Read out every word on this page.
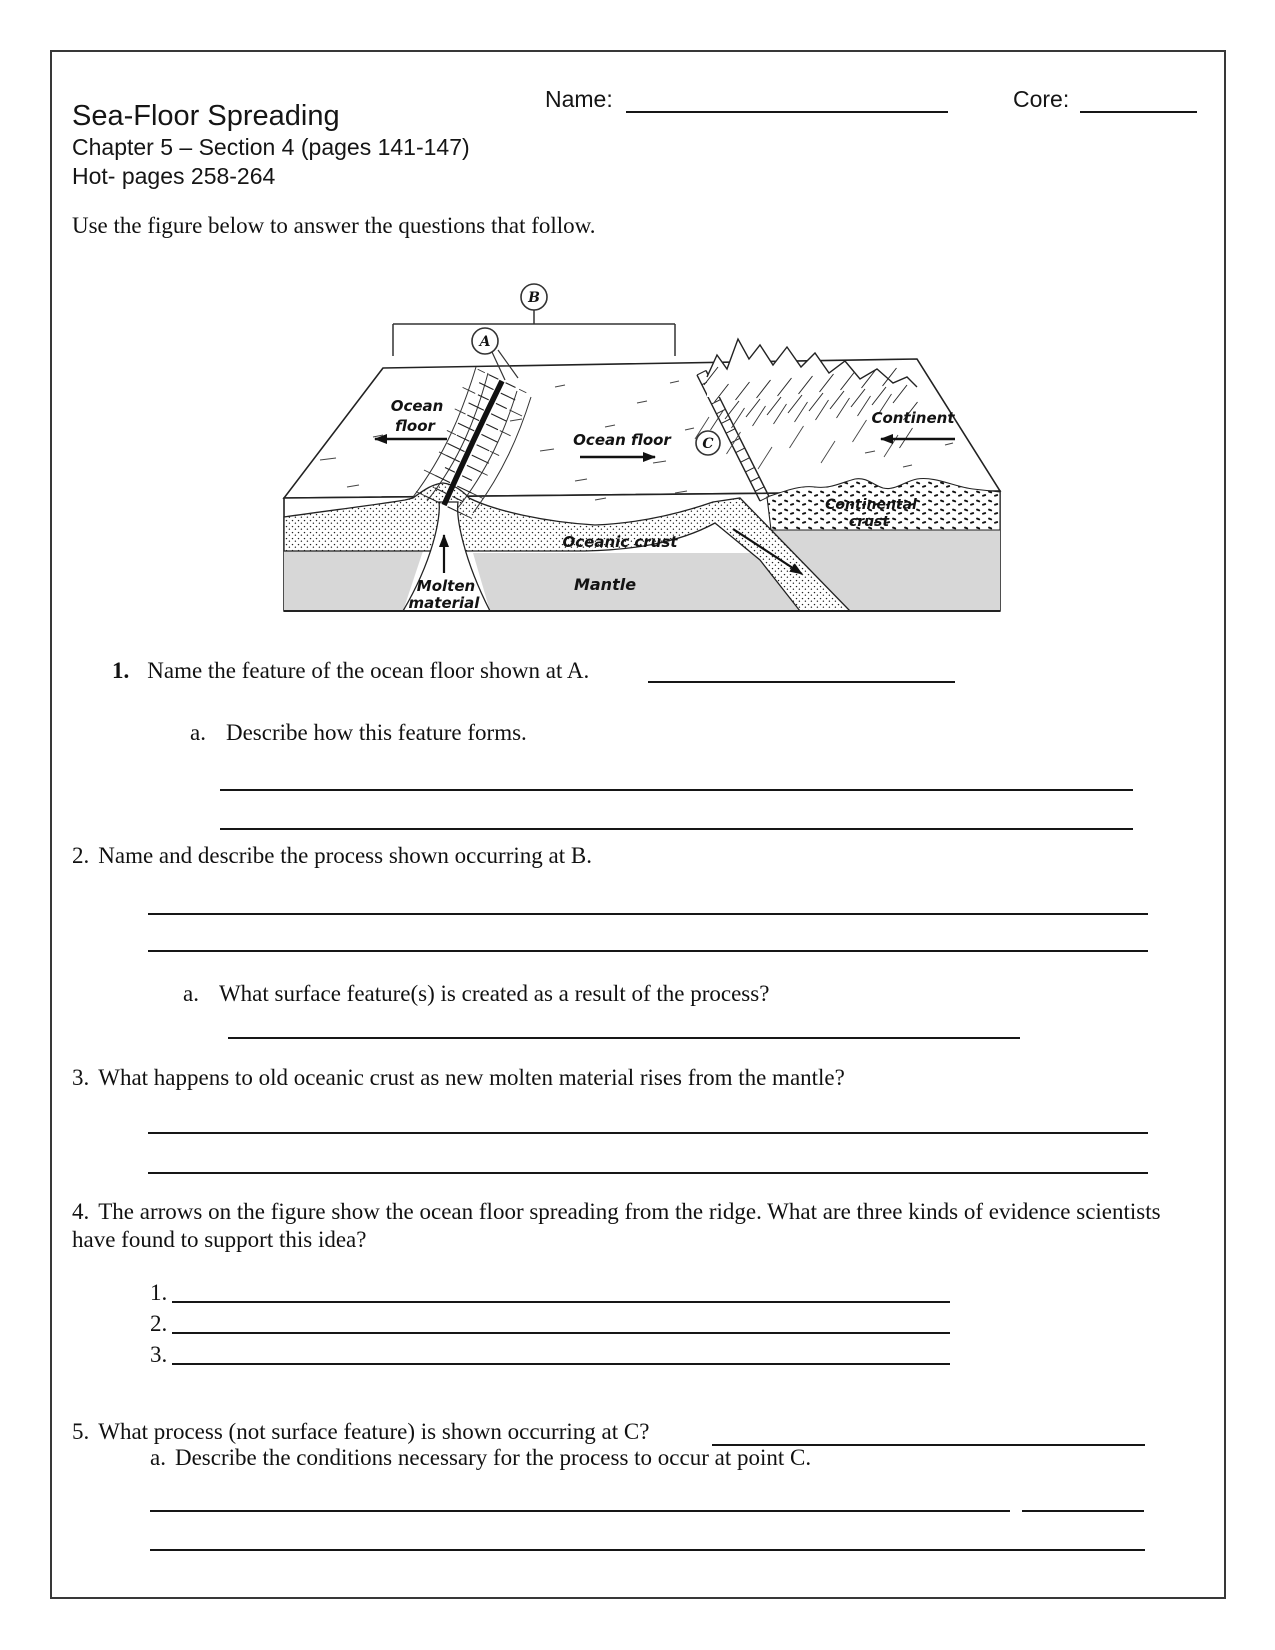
Name:	Core:
Sea-Floor Spreading
Chapter 5 – Section 4 (pages 141-147)
Hot- pages 258-264
Use the figure below to answer the questions that follow.
Ocean
floor
Ocean floor
Continent
Continental
crust
Oceanic crust
Mantle
Molten
material
B
A
C
1. Name the feature of the ocean floor shown at A.
a. Describe how this feature forms.
2. Name and describe the process shown occurring at B.
a. What surface feature(s) is created as a result of the process?
3. What happens to old oceanic crust as new molten material rises from the mantle?
4. The arrows on the figure show the ocean floor spreading from the ridge. What are three kinds of evidence scientists have found to support this idea?
1.
2.
3.
5. What process (not surface feature) is shown occurring at C?
a. Describe the conditions necessary for the process to occur at point C.
